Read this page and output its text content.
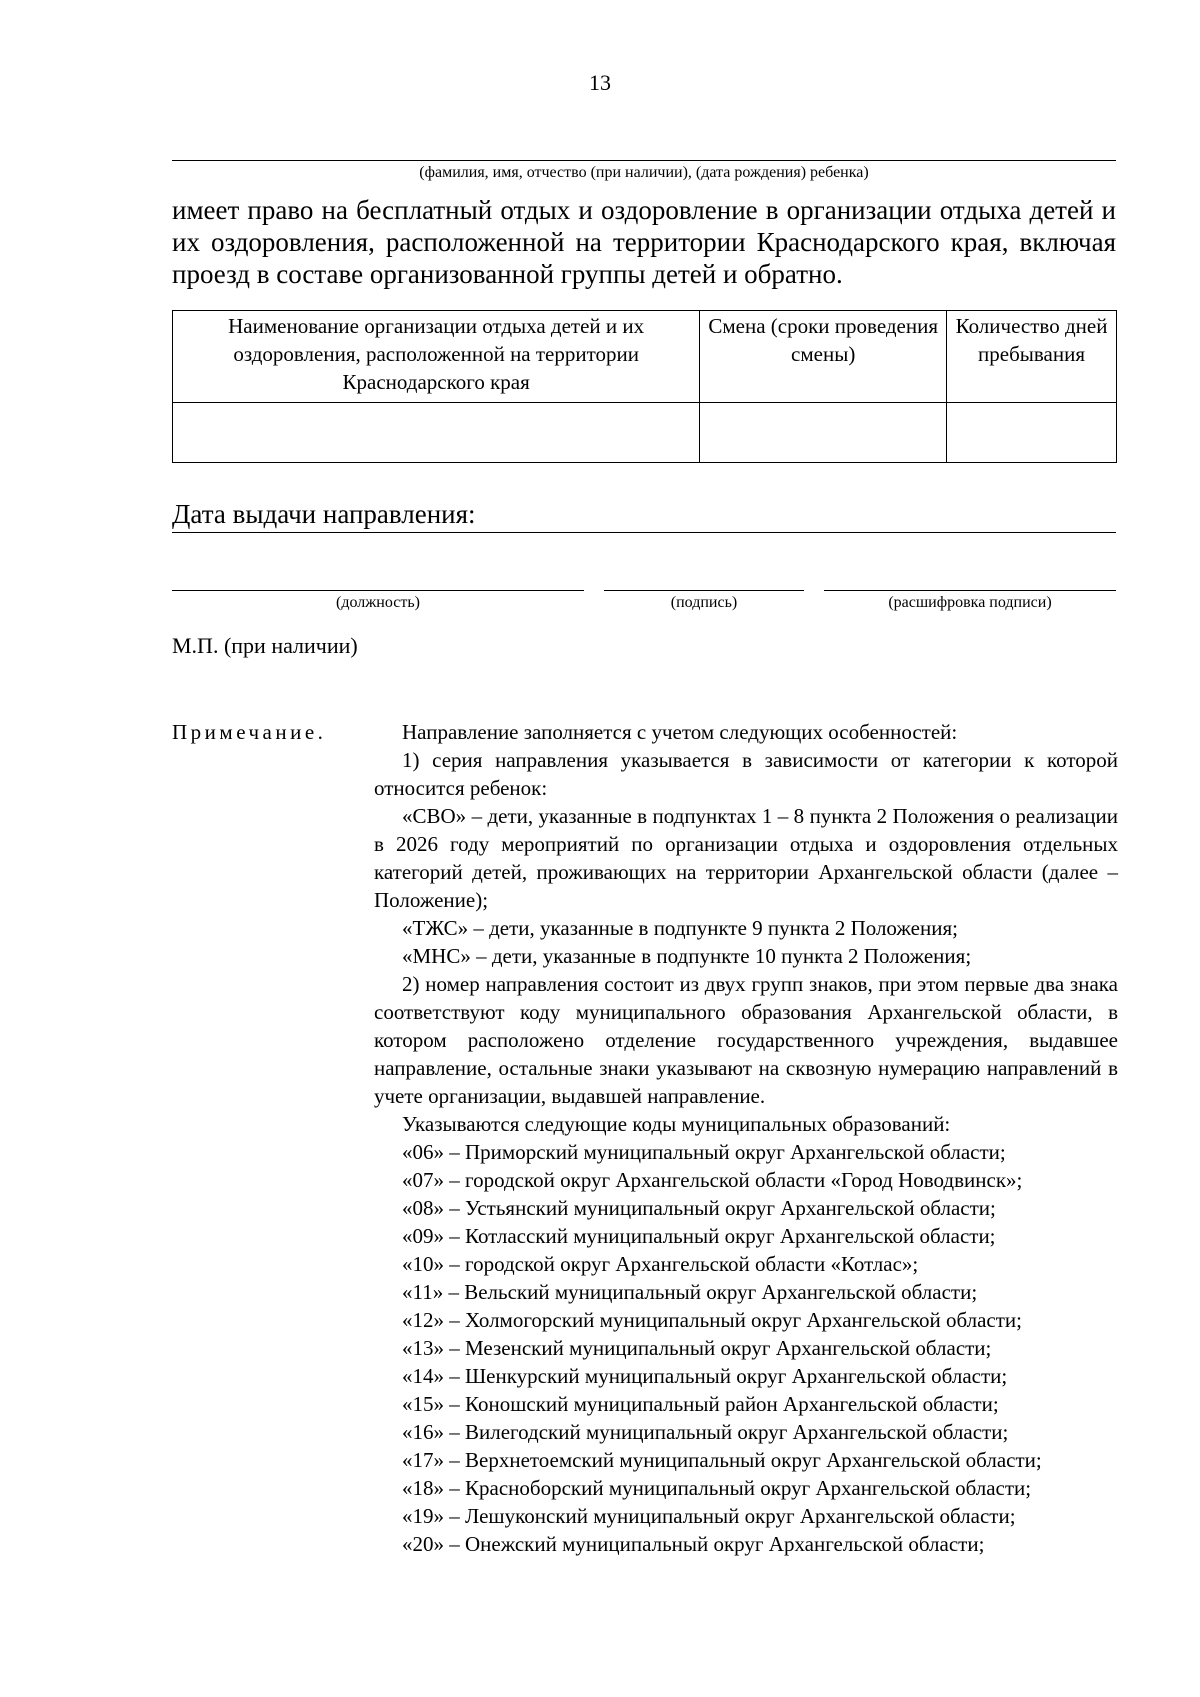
13
(фамилия, имя, отчество (при наличии), (дата рождения) ребенка)
имеет право на бесплатный отдых и оздоровление в организации отдыха детей и их оздоровления, расположенной на территории Краснодарского края, включая проезд в составе организованной группы детей и обратно.
Наименование организации отдыха детей и их оздоровления, расположенной на территории Краснодарского края	Смена (сроки проведения смены)	Количество дней пребывания

Дата выдачи направления:
(должность)	(подпись)	(расшифровка подписи)
М.П. (при наличии)
Примечание.	Направление заполняется с учетом следующих особенностей:

1) серия направления указывается в зависимости от категории к которой относится ребенок:

«СВО» – дети, указанные в подпунктах 1 – 8 пункта 2 Положения о реализации в 2026 году мероприятий по организации отдыха и оздоровления отдельных категорий детей, проживающих на территории Архангельской области (далее – Положение);

«ТЖС» – дети, указанные в подпункте 9 пункта 2 Положения;

«МНС» – дети, указанные в подпункте 10 пункта 2 Положения;

2) номер направления состоит из двух групп знаков, при этом первые два знака соответствуют коду муниципального образования Архангельской области, в котором расположено отделение государственного учреждения, выдавшее направление, остальные знаки указывают на сквозную нумерацию направлений в учете организации, выдавшей направление.

Указываются следующие коды муниципальных образований:

«06» – Приморский муниципальный округ Архангельской области;

«07» – городской округ Архангельской области «Город Новодвинск»;

«08» – Устьянский муниципальный округ Архангельской области;

«09» – Котласский муниципальный округ Архангельской области;

«10» – городской округ Архангельской области «Котлас»;

«11» – Вельский муниципальный округ Архангельской области;

«12» – Холмогорский муниципальный округ Архангельской области;

«13» – Мезенский муниципальный округ Архангельской области;

«14» – Шенкурский муниципальный округ Архангельской области;

«15» – Коношский муниципальный район Архангельской области;

«16» – Вилегодский муниципальный округ Архангельской области;

«17» – Верхнетоемский муниципальный округ Архангельской области;

«18» – Красноборский муниципальный округ Архангельской области;

«19» – Лешуконский муниципальный округ Архангельской области;

«20» – Онежский муниципальный округ Архангельской области;
